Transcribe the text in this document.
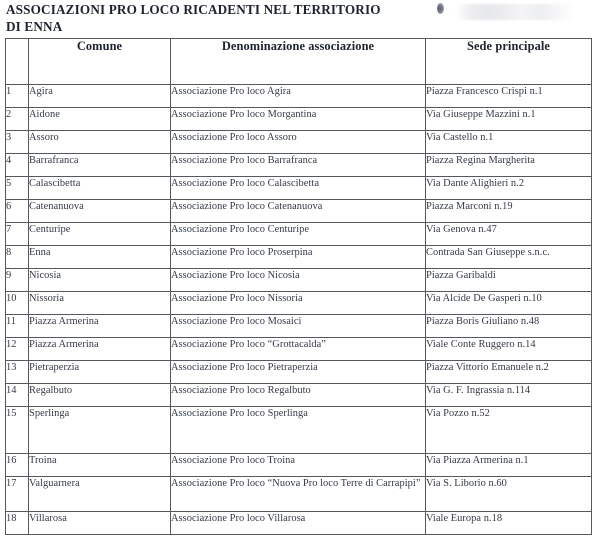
ASSOCIAZIONI PRO LOCO RICADENTI NEL TERRITORIO
DI ENNA
	Comune	Denominazione associazione	Sede principale
1	Agira	Associazione Pro loco Agira	Piazza Francesco Crispi n.1
2	Aidone	Associazione Pro loco Morgantina	Via Giuseppe Mazzini n.1
3	Assoro	Associazione Pro loco Assoro	Via Castello n.1
4	Barrafranca	Associazione Pro loco Barrafranca	Piazza Regina Margherita
5	Calascibetta	Associazione Pro loco Calascibetta	Via Dante Alighieri n.2
6	Catenanuova	Associazione Pro loco Catenanuova	Piazza Marconi n.19
7	Centuripe	Associazione Pro loco Centuripe	Via Genova n.47
8	Enna	Associazione Pro loco Proserpina	Contrada San Giuseppe s.n.c.
9	Nicosia	Associazione Pro loco Nicosia	Piazza Garibaldi
10	Nissoria	Associazione Pro loco Nissoria	Via Alcide De Gasperi n.10
11	Piazza Armerina	Associazione Pro loco Mosaici	Piazza Boris Giuliano n.48
12	Piazza Armerina	Associazione Pro loco “Grottacalda”	Viale Conte Ruggero n.14
13	Pietraperzia	Associazione Pro loco Pietraperzia	Piazza Vittorio Emanuele n.2
14	Regalbuto	Associazione Pro loco Regalbuto	Via G. F. Ingrassia n.114
15	Sperlinga	Associazione Pro loco Sperlinga	Via Pozzo n.52
16	Troina	Associazione Pro loco Troina	Via Piazza Armerina n.1
17	Valguarnera	Associazione Pro loco “Nuova Pro loco Terre di Carrapipi”	Via S. Liborio n.60
18	Villarosa	Associazione Pro loco Villarosa	Viale Europa n.18
